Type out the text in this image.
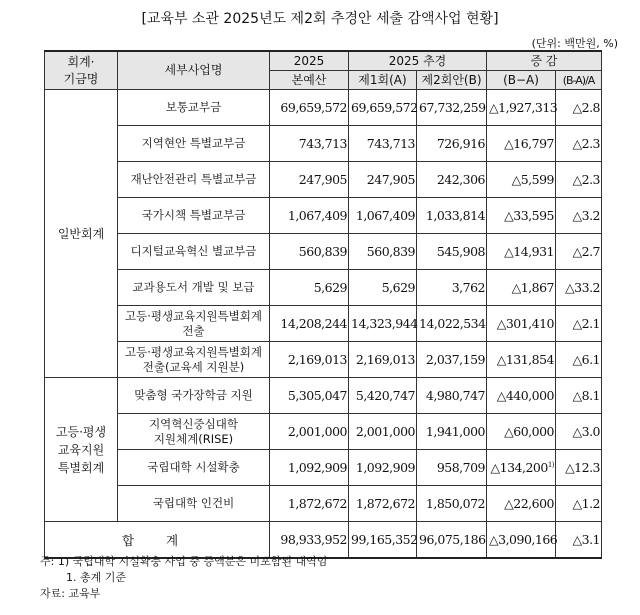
[교육부 소관 2025년도 제2회 추경안 세출 감액사업 현황]
(단위: 백만원, %)
회계·
기금명	세부사업명	2025	2025 추경		증 감	
		본예산	제1회(A)	제2회안(B)	(B−A)	(B-A)/A
일반회계	보통교부금	69,659,572	69,659,572	67,732,259	△1,927,313	△2.8
	지역현안 특별교부금	743,713	743,713	726,916	△16,797	△2.3
	재난안전관리 특별교부금	247,905	247,905	242,306	△5,599	△2.3
	국가시책 특별교부금	1,067,409	1,067,409	1,033,814	△33,595	△3.2
	디지털교육혁신 별교부금	560,839	560,839	545,908	△14,931	△2.7
	교과용도서 개발 및 보급	5,629	5,629	3,762	△1,867	△33.2
	고등·평생교육지원특별회계
전출	14,208,244	14,323,944	14,022,534	△301,410	△2.1
	고등·평생교육지원특별회계
전출(교육세 지원분)	2,169,013	2,169,013	2,037,159	△131,854	△6.1
고등·평생
교육지원
특별회계	맞춤형 국가장학금 지원	5,305,047	5,420,747	4,980,747	△440,000	△8.1
	지역혁신중심대학
지원체계(RISE)	2,001,000	2,001,000	1,941,000	△60,000	△3.0
	국립대학 시설확충	1,092,909	1,092,909	958,709	△134,200$^{1)}$	△12.3
	국립대학 인건비	1,872,672	1,872,672	1,850,072	△22,600	△1.2
합 계		98,933,952	99,165,352	96,075,186	△3,090,166	△3.1
주: 1) 국립대학 시설확충 사업 중 증액분은 미포함된 내역임
1. 총계 기준
자료: 교육부
